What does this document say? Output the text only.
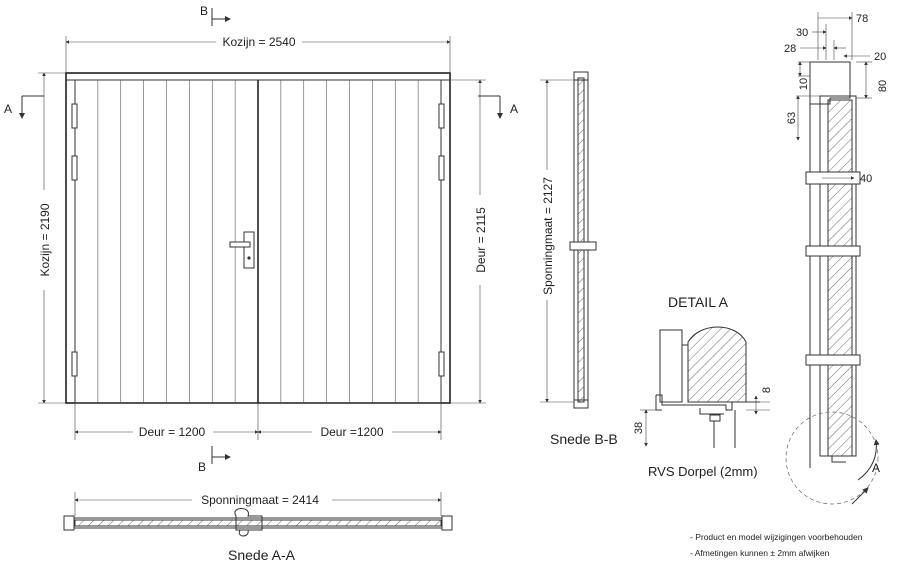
Kozijn = 2540
Kozijn = 2190	Deur = 2115
Deur = 1200	Deur =1200
A	A
B
B
Sponningmaat = 2414
Snede A-A
Sponningmaat = 2127
Snede B-B
DETAIL A
38
8
RVS Dorpel (2mm)
78
30
28
20
10
63
80
40
A
- Product en model wijzigingen voorbehouden
- Afmetingen kunnen ± 2mm afwijken
